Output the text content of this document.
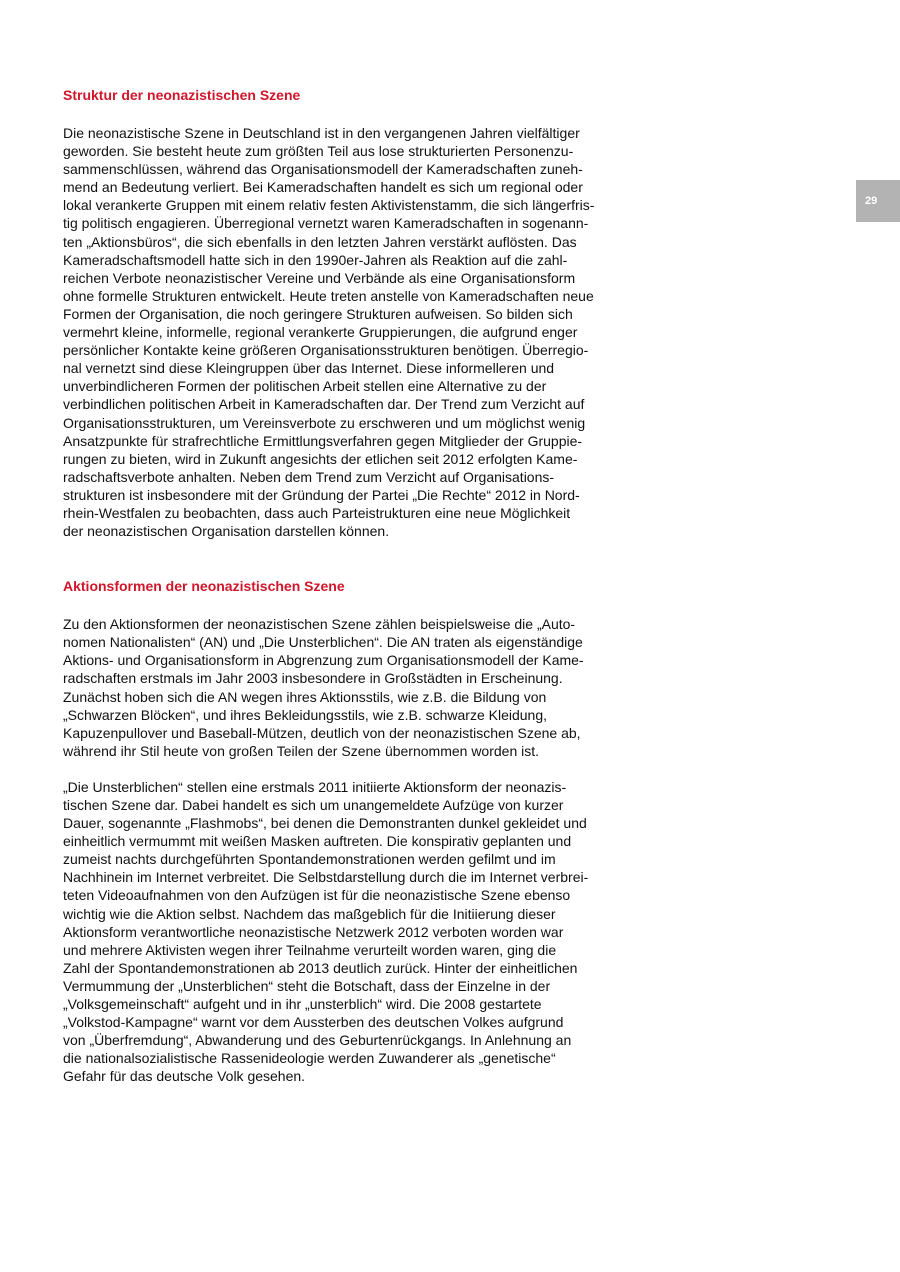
29
Struktur der neonazistischen Szene

Die neonazistische Szene in Deutschland ist in den vergangenen Jahren vielfältiger
geworden. Sie besteht heute zum größten Teil aus lose strukturierten Personenzu-
sammenschlüssen, während das Organisationsmodell der Kameradschaften zuneh-
mend an Bedeutung verliert. Bei Kameradschaften handelt es sich um regional oder
lokal verankerte Gruppen mit einem relativ festen Aktivistenstamm, die sich längerfris-
tig politisch engagieren. Überregional vernetzt waren Kameradschaften in sogenann-
ten „Aktionsbüros“, die sich ebenfalls in den letzten Jahren verstärkt auflösten. Das
Kameradschaftsmodell hatte sich in den 1990er-Jahren als Reaktion auf die zahl-
reichen Verbote neonazistischer Vereine und Verbände als eine Organisationsform
ohne formelle Strukturen entwickelt. Heute treten anstelle von Kameradschaften neue
Formen der Organisation, die noch geringere Strukturen aufweisen. So bilden sich
vermehrt kleine, informelle, regional verankerte Gruppierungen, die aufgrund enger
persönlicher Kontakte keine größeren Organisationsstrukturen benötigen. Überregio-
nal vernetzt sind diese Kleingruppen über das Internet. Diese informelleren und
unverbindlicheren Formen der politischen Arbeit stellen eine Alternative zu der
verbindlichen politischen Arbeit in Kameradschaften dar. Der Trend zum Verzicht auf
Organisationsstrukturen, um Vereinsverbote zu erschweren und um möglichst wenig
Ansatzpunkte für strafrechtliche Ermittlungsverfahren gegen Mitglieder der Gruppie-
rungen zu bieten, wird in Zukunft angesichts der etlichen seit 2012 erfolgten Kame-
radschaftsverbote anhalten. Neben dem Trend zum Verzicht auf Organisations-
strukturen ist insbesondere mit der Gründung der Partei „Die Rechte“ 2012 in Nord-
rhein-Westfalen zu beobachten, dass auch Parteistrukturen eine neue Möglichkeit
der neonazistischen Organisation darstellen können.

Aktionsformen der neonazistischen Szene

Zu den Aktionsformen der neonazistischen Szene zählen beispielsweise die „Auto-
nomen Nationalisten“ (AN) und „Die Unsterblichen“. Die AN traten als eigenständige
Aktions- und Organisationsform in Abgrenzung zum Organisationsmodell der Kame-
radschaften erstmals im Jahr 2003 insbesondere in Großstädten in Erscheinung.
Zunächst hoben sich die AN wegen ihres Aktionsstils, wie z.B. die Bildung von
„Schwarzen Blöcken“, und ihres Bekleidungsstils, wie z.B. schwarze Kleidung,
Kapuzenpullover und Baseball-Mützen, deutlich von der neonazistischen Szene ab,
während ihr Stil heute von großen Teilen der Szene übernommen worden ist.

„Die Unsterblichen“ stellen eine erstmals 2011 initiierte Aktionsform der neonazis-
tischen Szene dar. Dabei handelt es sich um unangemeldete Aufzüge von kurzer
Dauer, sogenannte „Flashmobs“, bei denen die Demonstranten dunkel gekleidet und
einheitlich vermummt mit weißen Masken auftreten. Die konspirativ geplanten und
zumeist nachts durchgeführten Spontandemonstrationen werden gefilmt und im
Nachhinein im Internet verbreitet. Die Selbstdarstellung durch die im Internet verbrei-
teten Videoaufnahmen von den Aufzügen ist für die neonazistische Szene ebenso
wichtig wie die Aktion selbst. Nachdem das maßgeblich für die Initiierung dieser
Aktionsform verantwortliche neonazistische Netzwerk 2012 verboten worden war
und mehrere Aktivisten wegen ihrer Teilnahme verurteilt worden waren, ging die
Zahl der Spontandemonstrationen ab 2013 deutlich zurück. Hinter der einheitlichen
Vermummung der „Unsterblichen“ steht die Botschaft, dass der Einzelne in der
„Volksgemeinschaft“ aufgeht und in ihr „unsterblich“ wird. Die 2008 gestartete
„Volkstod-Kampagne“ warnt vor dem Aussterben des deutschen Volkes aufgrund
von „Überfremdung“, Abwanderung und des Geburtenrückgangs. In Anlehnung an
die nationalsozialistische Rassenideologie werden Zuwanderer als „genetische“
Gefahr für das deutsche Volk gesehen.
